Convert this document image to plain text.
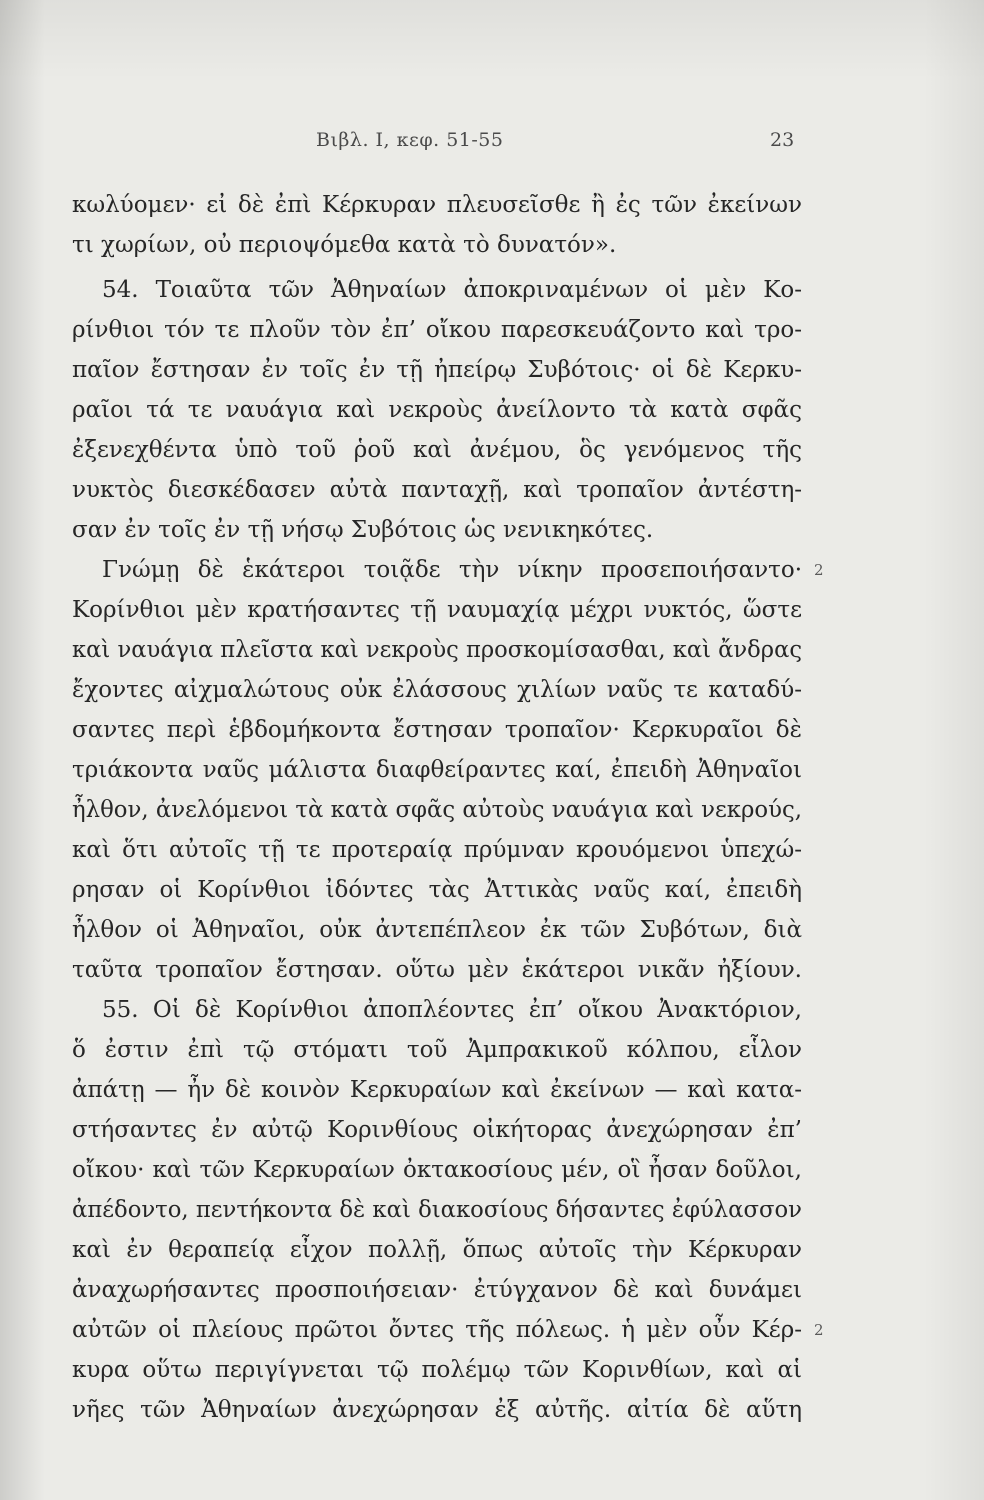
Βιβλ. Ι, κεφ. 51-55	23
κωλύομεν· εἰ δὲ ἐπὶ Κέρκυραν πλευσεῖσθε ἢ ἐς τῶν ἐκείνων
τι χωρίων, οὐ περιοψόμεθα κατὰ τὸ δυνατόν».
54. Τοιαῦτα τῶν Ἀθηναίων ἀποκριναμένων οἱ μὲν Κο-
ρίνθιοι τόν τε πλοῦν τὸν ἐπ’ οἴκου παρεσκευάζοντο καὶ τρο-
παῖον ἔστησαν ἐν τοῖς ἐν τῇ ἠπείρῳ Συβότοις· οἱ δὲ Κερκυ-
ραῖοι τά τε ναυάγια καὶ νεκροὺς ἀνείλοντο τὰ κατὰ σφᾶς
ἐξενεχθέντα ὑπὸ τοῦ ῥοῦ καὶ ἀνέμου, ὃς γενόμενος τῆς
νυκτὸς διεσκέδασεν αὐτὰ πανταχῇ, καὶ τροπαῖον ἀντέστη-
σαν ἐν τοῖς ἐν τῇ νήσῳ Συβότοις ὡς νενικηκότες.
Γνώμῃ δὲ ἑκάτεροι τοιᾷδε τὴν νίκην προσεποιήσαντο· 2
Κορίνθιοι μὲν κρατήσαντες τῇ ναυμαχίᾳ μέχρι νυκτός, ὥστε
καὶ ναυάγια πλεῖστα καὶ νεκροὺς προσκομίσασθαι, καὶ ἄνδρας
ἔχοντες αἰχμαλώτους οὐκ ἐλάσσους χιλίων ναῦς τε καταδύ-
σαντες περὶ ἑβδομήκοντα ἔστησαν τροπαῖον· Κερκυραῖοι δὲ
τριάκοντα ναῦς μάλιστα διαφθείραντες καί, ἐπειδὴ Ἀθηναῖοι
ἦλθον, ἀνελόμενοι τὰ κατὰ σφᾶς αὐτοὺς ναυάγια καὶ νεκρούς,
καὶ ὅτι αὐτοῖς τῇ τε προτεραίᾳ πρύμναν κρουόμενοι ὑπεχώ-
ρησαν οἱ Κορίνθιοι ἰδόντες τὰς Ἀττικὰς ναῦς καί, ἐπειδὴ
ἦλθον οἱ Ἀθηναῖοι, οὐκ ἀντεπέπλεον ἐκ τῶν Συβότων, διὰ
ταῦτα τροπαῖον ἔστησαν. οὕτω μὲν ἑκάτεροι νικᾶν ἠξίουν.
55. Οἱ δὲ Κορίνθιοι ἀποπλέοντες ἐπ’ οἴκου Ἀνακτόριον,
ὅ ἐστιν ἐπὶ τῷ στόματι τοῦ Ἀμπρακικοῦ κόλπου, εἷλον
ἀπάτῃ — ἦν δὲ κοινὸν Κερκυραίων καὶ ἐκείνων — καὶ κατα-
στήσαντες ἐν αὐτῷ Κορινθίους οἰκήτορας ἀνεχώρησαν ἐπ’
οἴκου· καὶ τῶν Κερκυραίων ὀκτακοσίους μέν, οἳ ἦσαν δοῦλοι,
ἀπέδοντο, πεντήκοντα δὲ καὶ διακοσίους δήσαντες ἐφύλασσον
καὶ ἐν θεραπείᾳ εἶχον πολλῇ, ὅπως αὐτοῖς τὴν Κέρκυραν
ἀναχωρήσαντες προσποιήσειαν· ἐτύγχανον δὲ καὶ δυνάμει
αὐτῶν οἱ πλείους πρῶτοι ὄντες τῆς πόλεως. ἡ μὲν οὖν Κέρ- 2
κυρα οὕτω περιγίγνεται τῷ πολέμῳ τῶν Κορινθίων, καὶ αἱ
νῆες τῶν Ἀθηναίων ἀνεχώρησαν ἐξ αὐτῆς. αἰτία δὲ αὕτη
